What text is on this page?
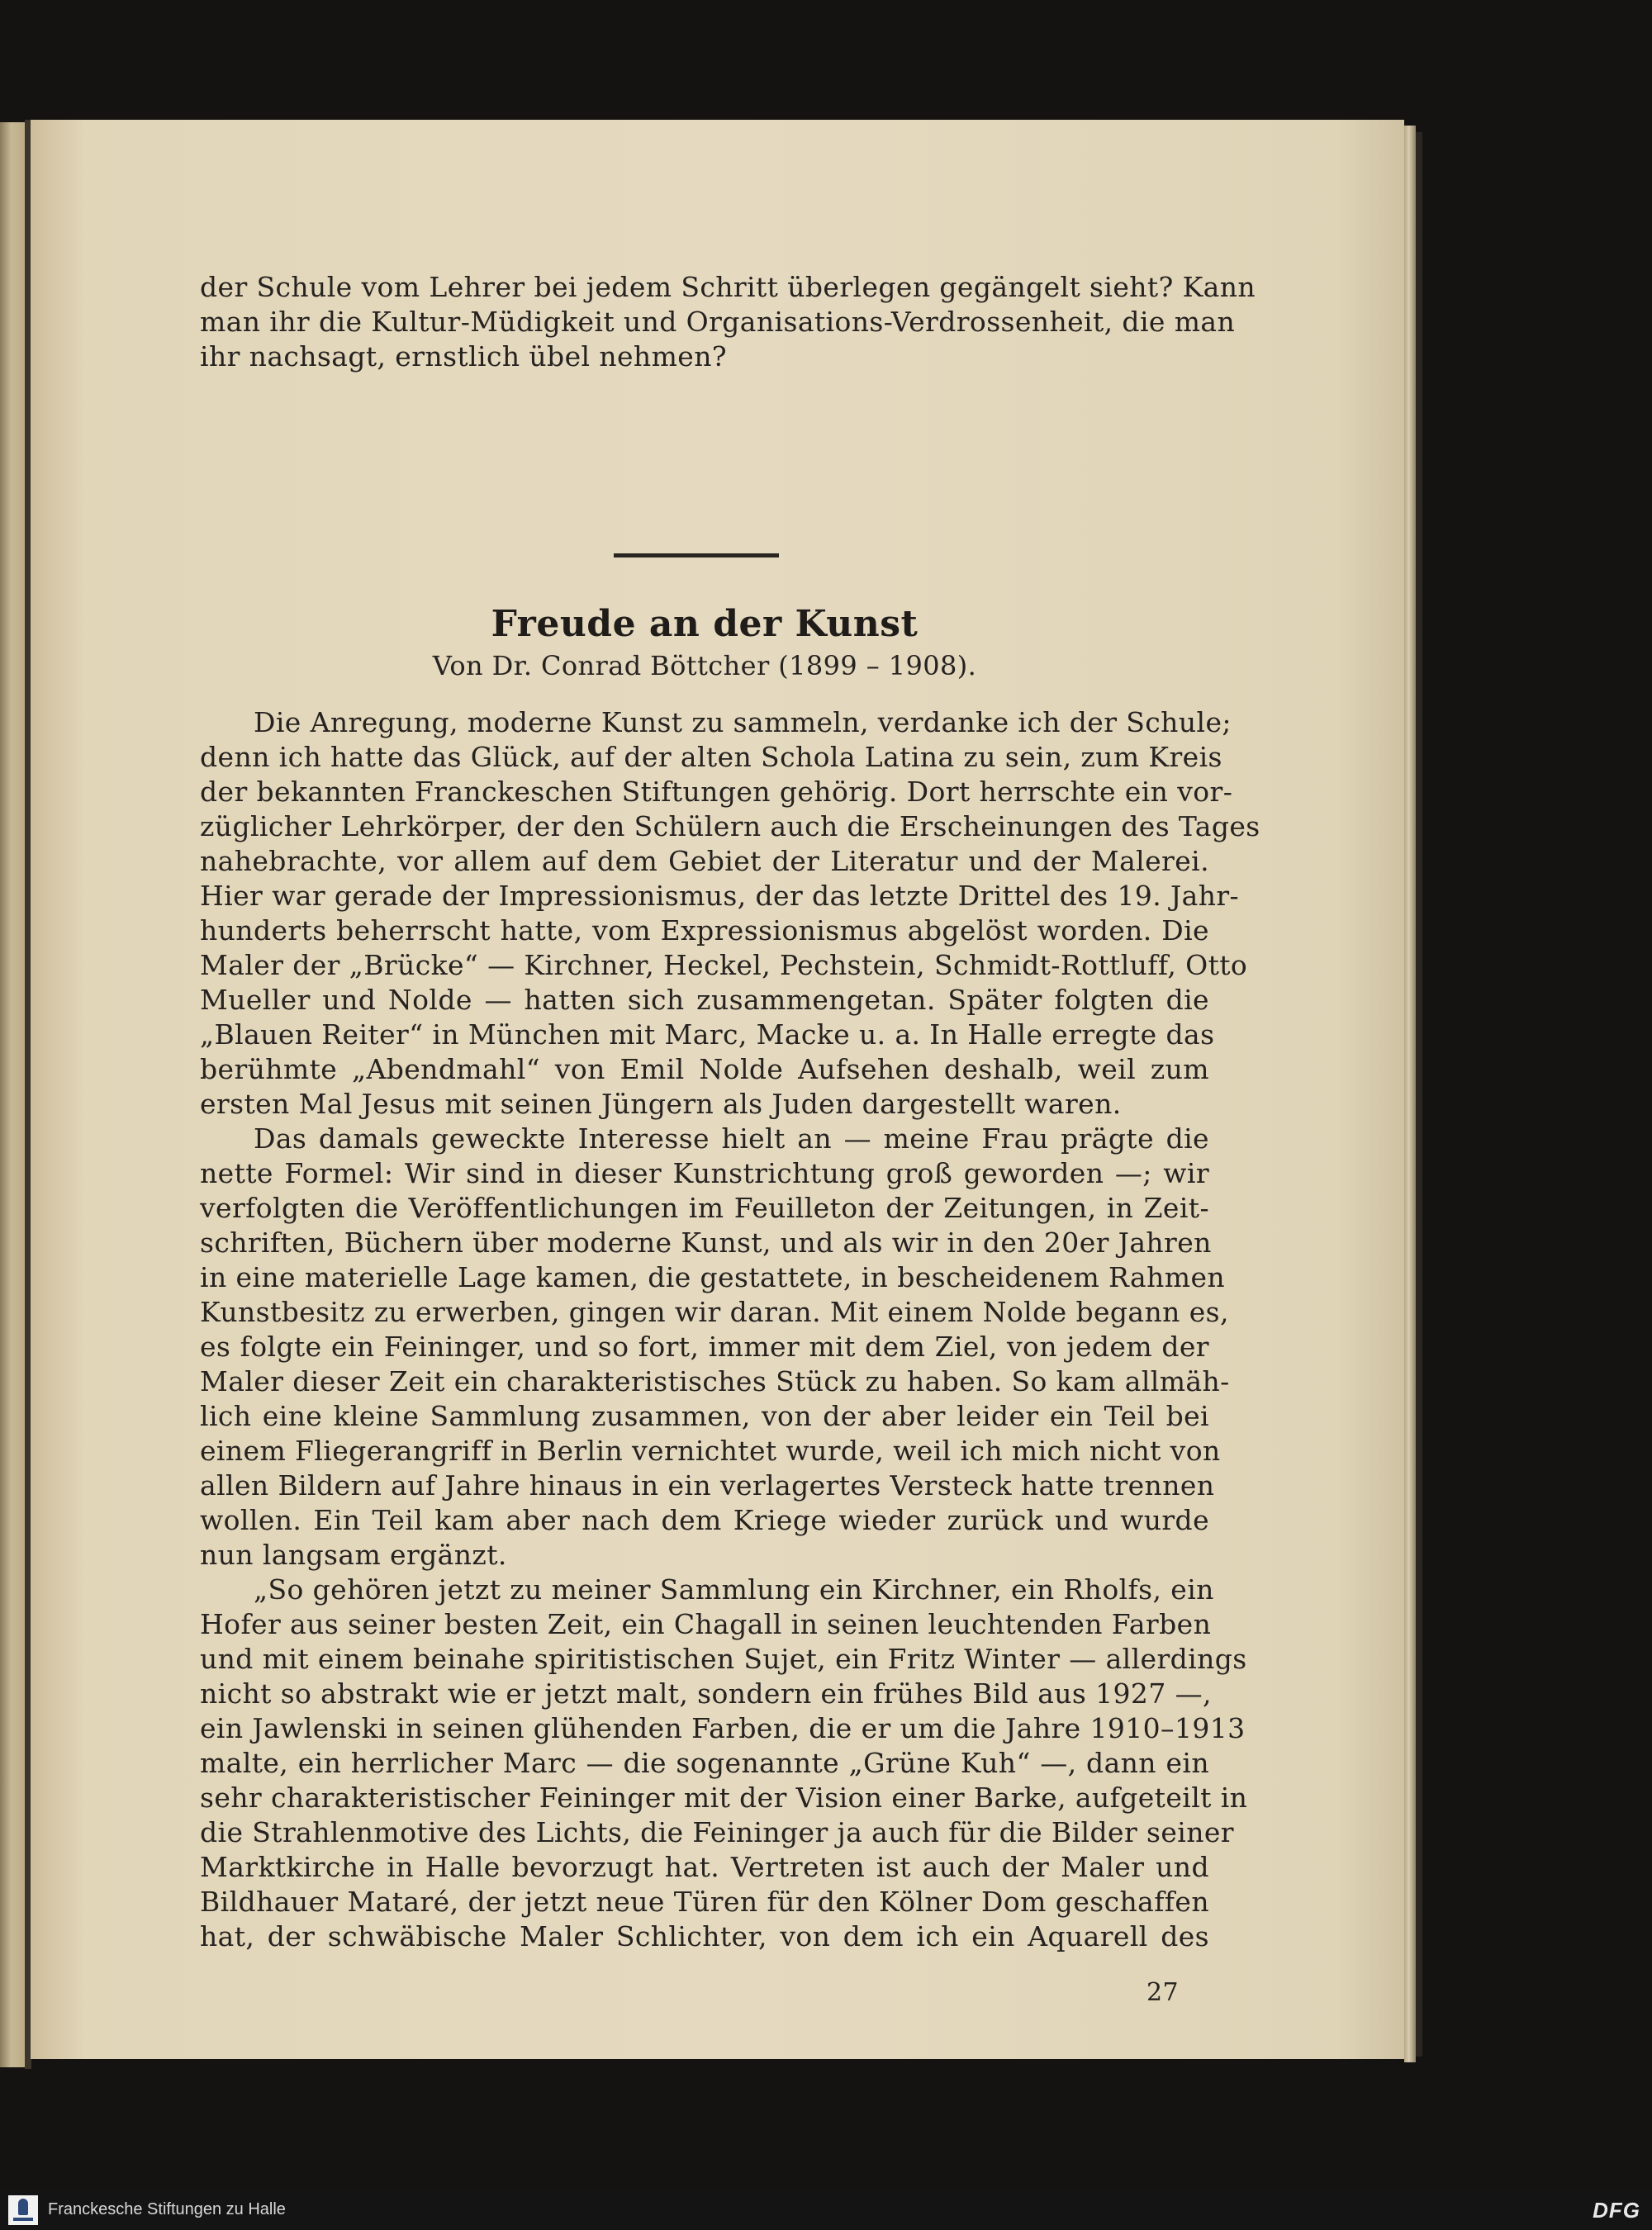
der Schule vom Lehrer bei jedem Schritt überlegen gegängelt sieht? Kann
man ihr die Kultur-Müdigkeit und Organisations-Verdrossenheit, die man
ihr nachsagt, ernstlich übel nehmen?
Freude an der Kunst
Von Dr. Conrad Böttcher (1899 – 1908).
Die Anregung, moderne Kunst zu sammeln, verdanke ich der Schule;
denn ich hatte das Glück, auf der alten Schola Latina zu sein, zum Kreis
der bekannten Franckeschen Stiftungen gehörig. Dort herrschte ein vor-
züglicher Lehrkörper, der den Schülern auch die Erscheinungen des Tages
nahebrachte, vor allem auf dem Gebiet der Literatur und der Malerei.
Hier war gerade der Impressionismus, der das letzte Drittel des 19. Jahr-
hunderts beherrscht hatte, vom Expressionismus abgelöst worden. Die
Maler der „Brücke“ — Kirchner, Heckel, Pechstein, Schmidt-Rottluff, Otto
Mueller und Nolde — hatten sich zusammengetan. Später folgten die
„Blauen Reiter“ in München mit Marc, Macke u. a. In Halle erregte das
berühmte „Abendmahl“ von Emil Nolde Aufsehen deshalb, weil zum
ersten Mal Jesus mit seinen Jüngern als Juden dargestellt waren.
Das damals geweckte Interesse hielt an — meine Frau prägte die
nette Formel: Wir sind in dieser Kunstrichtung groß geworden —; wir
verfolgten die Veröffentlichungen im Feuilleton der Zeitungen, in Zeit-
schriften, Büchern über moderne Kunst, und als wir in den 20er Jahren
in eine materielle Lage kamen, die gestattete, in bescheidenem Rahmen
Kunstbesitz zu erwerben, gingen wir daran. Mit einem Nolde begann es,
es folgte ein Feininger, und so fort, immer mit dem Ziel, von jedem der
Maler dieser Zeit ein charakteristisches Stück zu haben. So kam allmäh-
lich eine kleine Sammlung zusammen, von der aber leider ein Teil bei
einem Fliegerangriff in Berlin vernichtet wurde, weil ich mich nicht von
allen Bildern auf Jahre hinaus in ein verlagertes Versteck hatte trennen
wollen. Ein Teil kam aber nach dem Kriege wieder zurück und wurde
nun langsam ergänzt.
„So gehören jetzt zu meiner Sammlung ein Kirchner, ein Rholfs, ein
Hofer aus seiner besten Zeit, ein Chagall in seinen leuchtenden Farben
und mit einem beinahe spiritistischen Sujet, ein Fritz Winter — allerdings
nicht so abstrakt wie er jetzt malt, sondern ein frühes Bild aus 1927 —,
ein Jawlenski in seinen glühenden Farben, die er um die Jahre 1910–1913
malte, ein herrlicher Marc — die sogenannte „Grüne Kuh“ —, dann ein
sehr charakteristischer Feininger mit der Vision einer Barke, aufgeteilt in
die Strahlenmotive des Lichts, die Feininger ja auch für die Bilder seiner
Marktkirche in Halle bevorzugt hat. Vertreten ist auch der Maler und
Bildhauer Mataré, der jetzt neue Türen für den Kölner Dom geschaffen
hat, der schwäbische Maler Schlichter, von dem ich ein Aquarell des
27
Franckesche Stiftungen zu Halle	DFG
